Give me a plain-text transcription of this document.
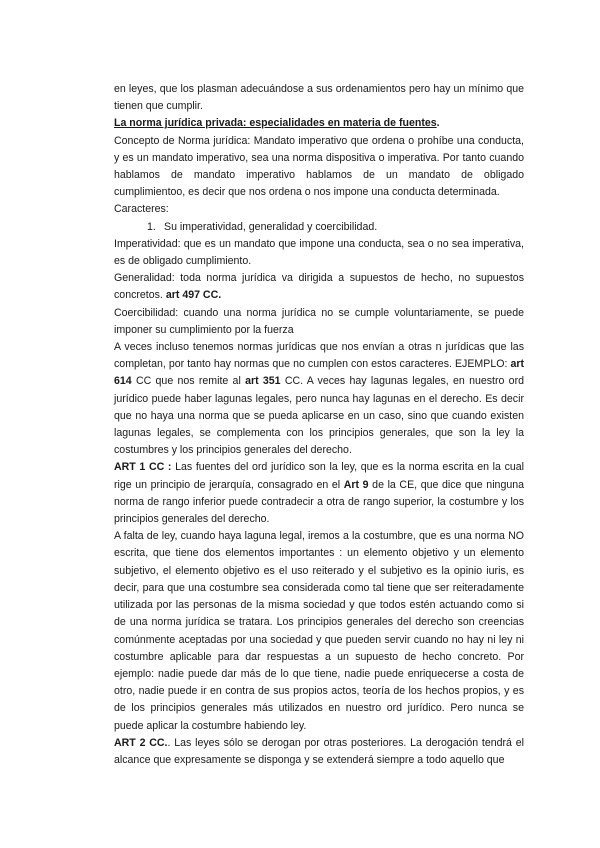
en leyes, que los plasman adecuándose a sus ordenamientos pero hay un mínimo que tienen que cumplir.

La norma jurídica privada: especialidades en materia de fuentes.

Concepto de Norma jurídica: Mandato imperativo que ordena o prohíbe una conducta, y es un mandato imperativo, sea una norma dispositiva o imperativa. Por tanto cuando hablamos de mandato imperativo hablamos de un mandato de obligado cumplimientoo, es decir que nos ordena o nos impone una conducta determinada.

Caracteres:

1. Su imperatividad, generalidad y coercibilidad.

Imperatividad: que es un mandato que impone una conducta, sea o no sea imperativa, es de obligado cumplimiento.

Generalidad: toda norma jurídica va dirigida a supuestos de hecho, no supuestos concretos. art 497 CC.

Coercibilidad: cuando una norma jurídica no se cumple voluntariamente, se puede imponer su cumplimiento por la fuerza

A veces incluso tenemos normas jurídicas que nos envían a otras n jurídicas que las completan, por tanto hay normas que no cumplen con estos caracteres. EJEMPLO: art 614 CC que nos remite al art 351 CC. A veces hay lagunas legales, en nuestro ord jurídico puede haber lagunas legales, pero nunca hay lagunas en el derecho. Es decir que no haya una norma que se pueda aplicarse en un caso, sino que cuando existen lagunas legales, se complementa con los principios generales, que son la ley la costumbres y los principios generales del derecho.

ART 1 CC : Las fuentes del ord jurídico son la ley, que es la norma escrita en la cual rige un principio de jerarquía, consagrado en el Art 9 de la CE, que dice que ninguna norma de rango inferior puede contradecir a otra de rango superior, la costumbre y los principios generales del derecho.

A falta de ley, cuando haya laguna legal, iremos a la costumbre, que es una norma NO escrita, que tiene dos elementos importantes : un elemento objetivo y un elemento subjetivo, el elemento objetivo es el uso reiterado y el subjetivo es la opinio iuris, es decir, para que una costumbre sea considerada como tal tiene que ser reiteradamente utilizada por las personas de la misma sociedad y que todos estén actuando como si de una norma jurídica se tratara. Los principios generales del derecho son creencias comúnmente aceptadas por una sociedad y que pueden servir cuando no hay ni ley ni costumbre aplicable para dar respuestas a un supuesto de hecho concreto. Por ejemplo: nadie puede dar más de lo que tiene, nadie puede enriquecerse a costa de otro, nadie puede ir en contra de sus propios actos, teoría de los hechos propios, y es de los principios generales más utilizados en nuestro ord jurídico. Pero nunca se puede aplicar la costumbre habiendo ley.

ART 2 CC.. Las leyes sólo se derogan por otras posteriores. La derogación tendrá el alcance que expresamente se disponga y se extenderá siempre a todo aquello que
